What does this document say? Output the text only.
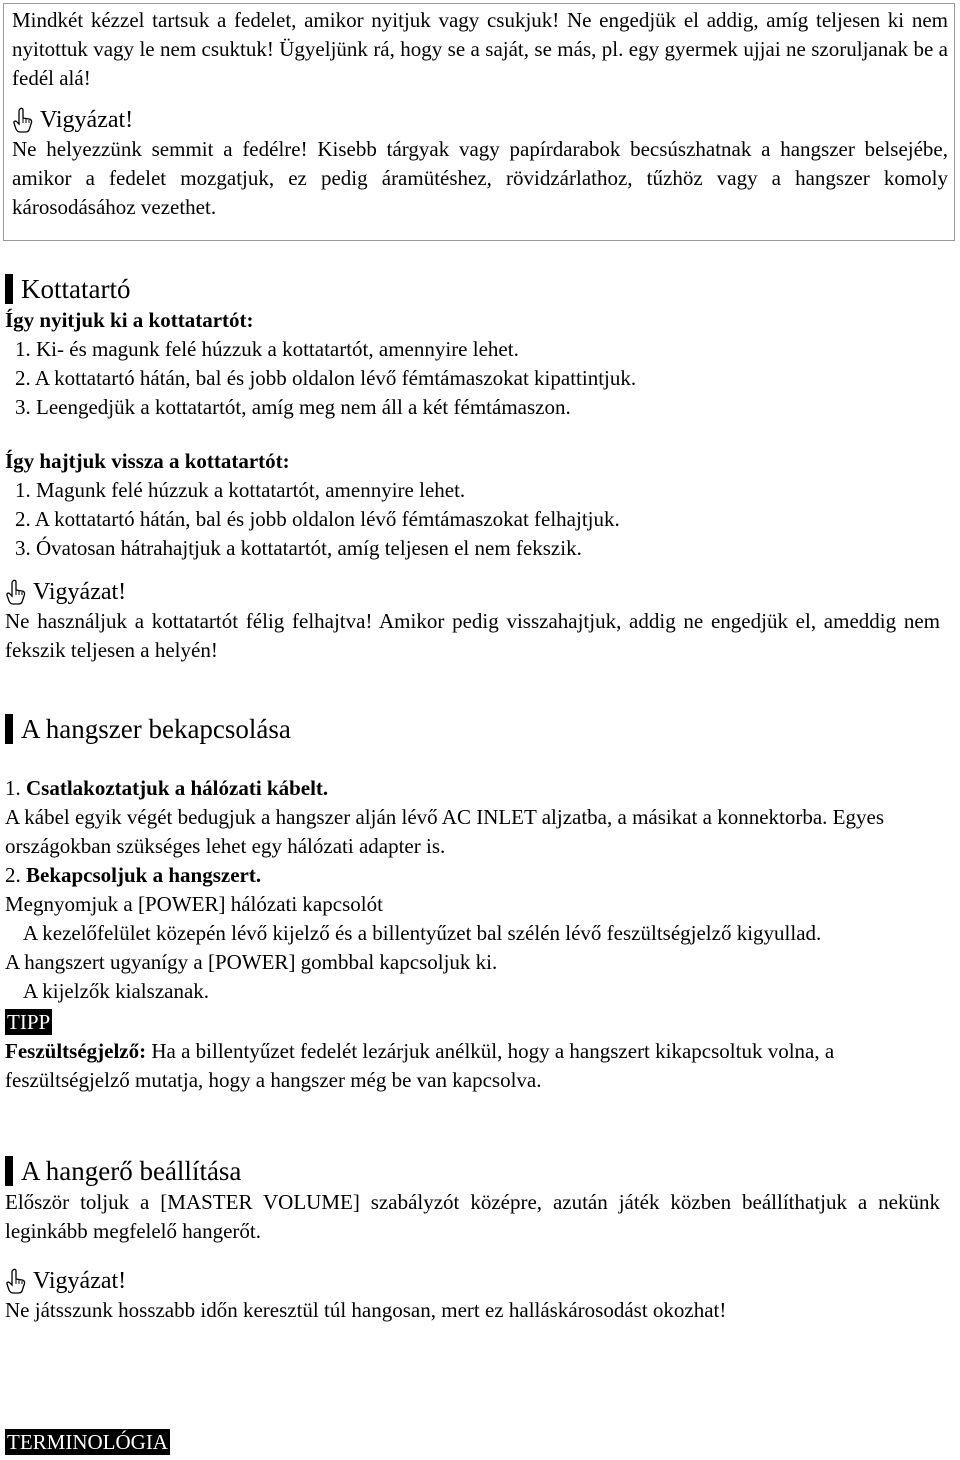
Mindkét kézzel tartsuk a fedelet, amikor nyitjuk vagy csukjuk! Ne engedjük el addig, amíg teljesen ki nem nyitottuk vagy le nem csuktuk! Ügyeljünk rá, hogy se a saját, se más, pl. egy gyermek ujjai ne szoruljanak be a fedél alá!

Vigyázat!

Ne helyezzünk semmit a fedélre! Kisebb tárgyak vagy papírdarabok becsúszhatnak a hangszer belsejébe, amikor a fedelet mozgatjuk, ez pedig áramütéshez, rövidzárlathoz, tűzhöz vagy a hangszer komoly károsodásához vezethet.

Kottatartó
Így nyitjuk ki a kottatartót:
1. Ki- és magunk felé húzzuk a kottatartót, amennyire lehet.
2. A kottatartó hátán, bal és jobb oldalon lévő fémtámaszokat kipattintjuk.
3. Leengedjük a kottatartót, amíg meg nem áll a két fémtámaszon.
Így hajtjuk vissza a kottatartót:
1. Magunk felé húzzuk a kottatartót, amennyire lehet.
2. A kottatartó hátán, bal és jobb oldalon lévő fémtámaszokat felhajtjuk.
3. Óvatosan hátrahajtjuk a kottatartót, amíg teljesen el nem fekszik.
Vigyázat!

Ne használjuk a kottatartót félig felhajtva! Amikor pedig visszahajtjuk, addig ne engedjük el, ameddig nem fekszik teljesen a helyén!

A hangszer bekapcsolása
1. Csatlakoztatjuk a hálózati kábelt.
A kábel egyik végét bedugjuk a hangszer alján lévő AC INLET aljzatba, a másikat a konnektorba. Egyes országokban szükséges lehet egy hálózati adapter is.
2. Bekapcsoljuk a hangszert.
Megnyomjuk a [POWER] hálózati kapcsolót
A kezelőfelület közepén lévő kijelző és a billentyűzet bal szélén lévő feszültségjelző kigyullad.
A hangszert ugyanígy a [POWER] gombbal kapcsoljuk ki.
A kijelzők kialszanak.
TIPP
Feszültségjelző: Ha a billentyűzet fedelét lezárjuk anélkül, hogy a hangszert kikapcsoltuk volna, a feszültségjelző mutatja, hogy a hangszer még be van kapcsolva.
A hangerő beállítása

Először toljuk a [MASTER VOLUME] szabályzót középre, azután játék közben beállíthatjuk a nekünk leginkább megfelelő hangerőt.

Vigyázat!

Ne játsszunk hosszabb időn keresztül túl hangosan, mert ez halláskárosodást okozhat!

TERMINOLÓGIA
